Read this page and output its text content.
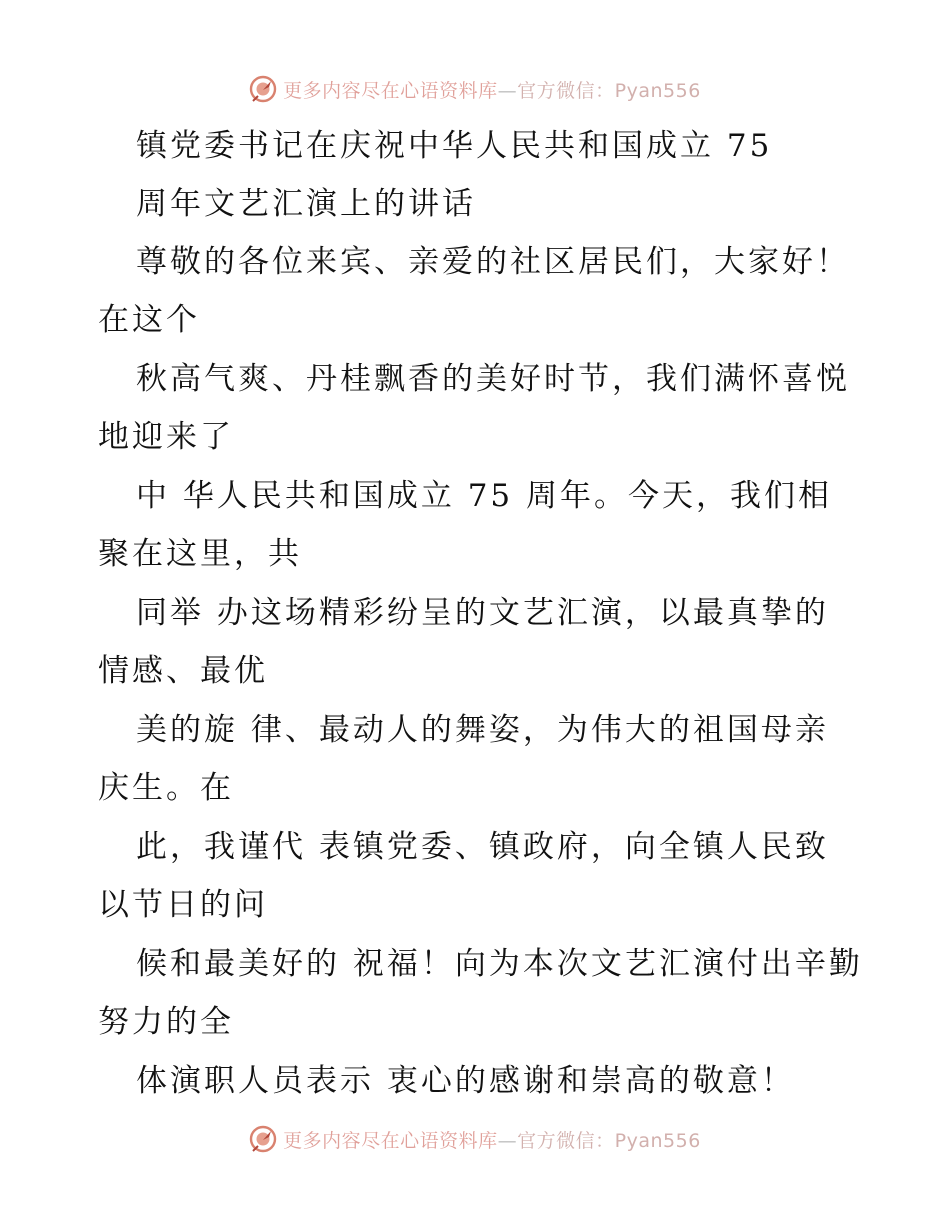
更多内容尽在心语资料库—官方微信：Pyan556
镇党委书记在庆祝中华人民共和国成立 75
周年文艺汇演上的讲话
尊敬的各位来宾、亲爱的社区居民们，大家好！
在这个
秋高气爽、丹桂飘香的美好时节，我们满怀喜悦
地迎来了
中 华人民共和国成立 75 周年。今天，我们相
聚在这里，共
同举 办这场精彩纷呈的文艺汇演，以最真挚的
情感、最优
美的旋 律、最动人的舞姿，为伟大的祖国母亲
庆生。在
此，我谨代 表镇党委、镇政府，向全镇人民致
以节日的问
候和最美好的 祝福！向为本次文艺汇演付出辛勤
努力的全
体演职人员表示 衷心的感谢和崇高的敬意！
更多内容尽在心语资料库—官方微信：Pyan556
